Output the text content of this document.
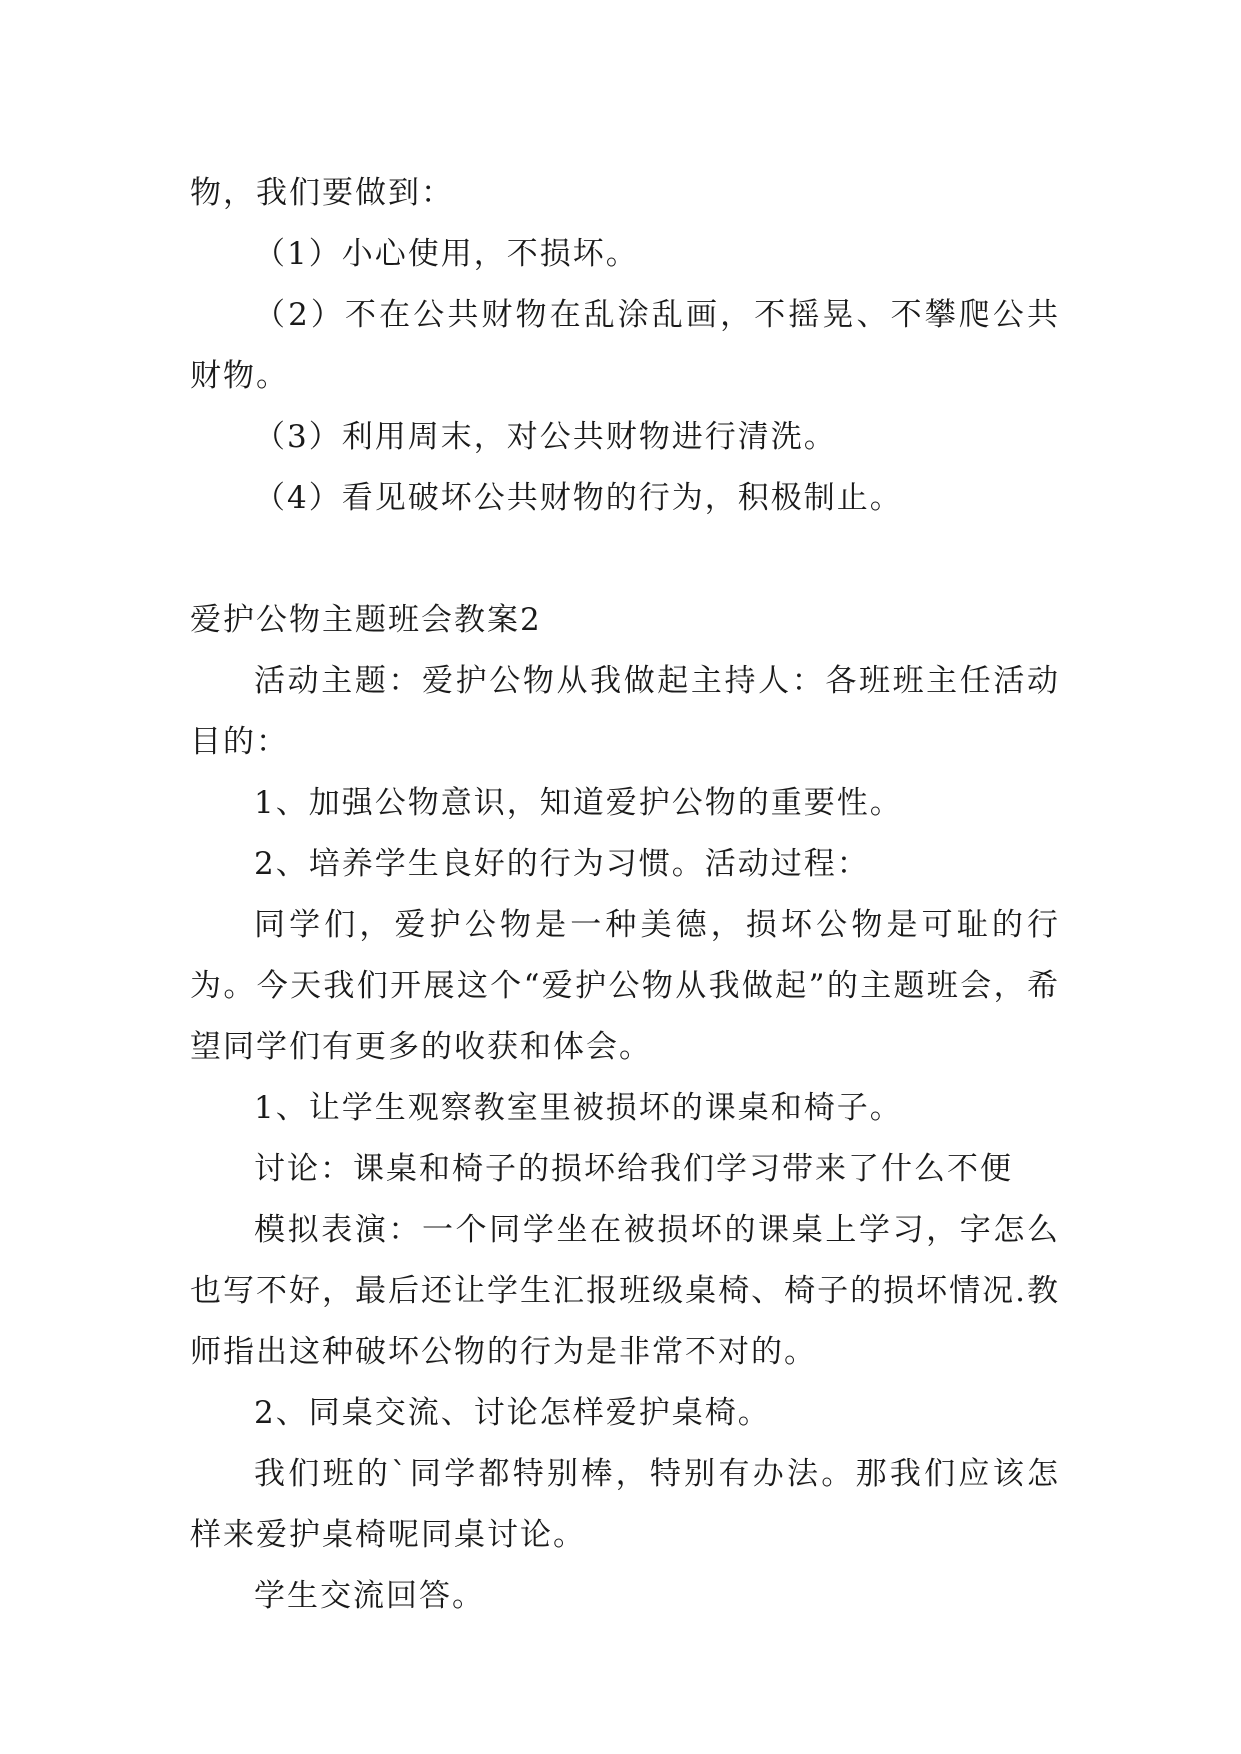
物，我们要做到：

（1）小心使用，不损坏。

（2）不在公共财物在乱涂乱画，不摇晃、不攀爬公共财物。

（3）利用周末，对公共财物进行清洗。

（4）看见破坏公共财物的行为，积极制止。

爱护公物主题班会教案2

活动主题：爱护公物从我做起主持人：各班班主任活动目的：

1、加强公物意识，知道爱护公物的重要性。

2、培养学生良好的行为习惯。活动过程：

同学们，爱护公物是一种美德，损坏公物是可耻的行为。今天我们开展这个“爱护公物从我做起”的主题班会，希望同学们有更多的收获和体会。

1、让学生观察教室里被损坏的课桌和椅子。

讨论：课桌和椅子的损坏给我们学习带来了什么不便

模拟表演：一个同学坐在被损坏的课桌上学习，字怎么也写不好，最后还让学生汇报班级桌椅、椅子的损坏情况.教师指出这种破坏公物的行为是非常不对的。

2、同桌交流、讨论怎样爱护桌椅。

我们班的`同学都特别棒，特别有办法。那我们应该怎样来爱护桌椅呢同桌讨论。

学生交流回答。
